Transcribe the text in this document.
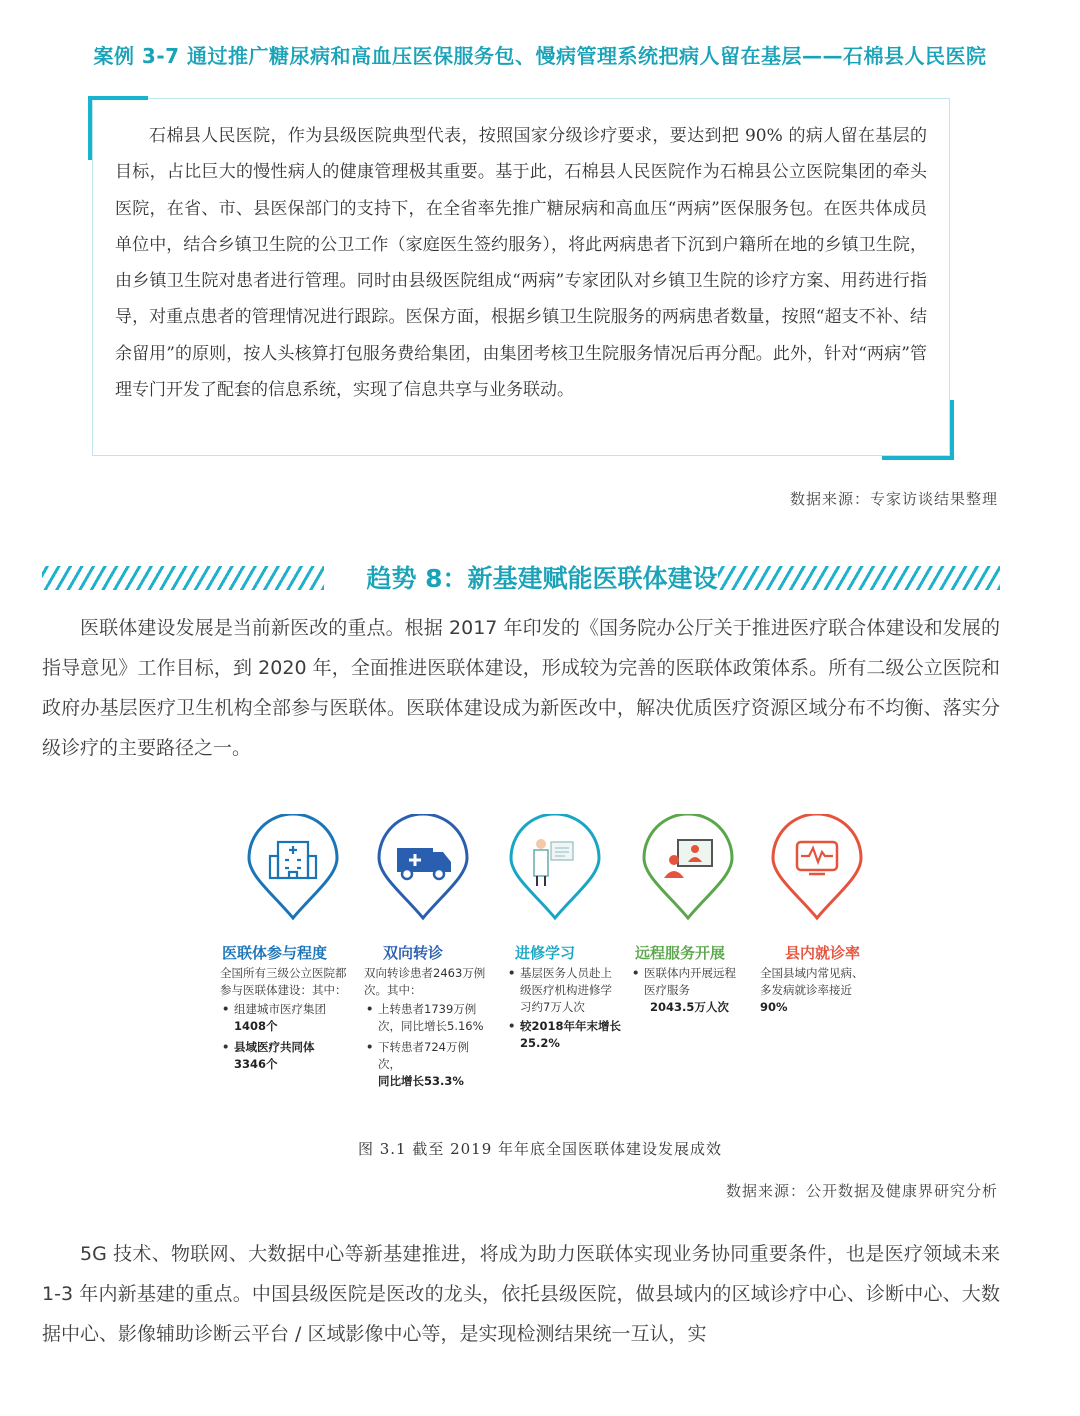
案例 3-7 通过推广糖尿病和高血压医保服务包、慢病管理系统把病人留在基层——石棉县人民医院

石棉县人民医院，作为县级医院典型代表，按照国家分级诊疗要求，要达到把 90% 的病人留在基层的目标，占比巨大的慢性病人的健康管理极其重要。基于此，石棉县人民医院作为石棉县公立医院集团的牵头医院，在省、市、县医保部门的支持下，在全省率先推广糖尿病和高血压“两病”医保服务包。在医共体成员单位中，结合乡镇卫生院的公卫工作（家庭医生签约服务），将此两病患者下沉到户籍所在地的乡镇卫生院，由乡镇卫生院对患者进行管理。同时由县级医院组成“两病”专家团队对乡镇卫生院的诊疗方案、用药进行指导，对重点患者的管理情况进行跟踪。医保方面，根据乡镇卫生院服务的两病患者数量，按照“超支不补、结余留用”的原则，按人头核算打包服务费给集团，由集团考核卫生院服务情况后再分配。此外，针对“两病”管理专门开发了配套的信息系统，实现了信息共享与业务联动。

数据来源：专家访谈结果整理
趋势 8：新基建赋能医联体建设

医联体建设发展是当前新医改的重点。根据 2017 年印发的《国务院办公厅关于推进医疗联合体建设和发展的指导意见》工作目标，到 2020 年，全面推进医联体建设，形成较为完善的医联体政策体系。所有二级公立医院和政府办基层医疗卫生机构全部参与医联体。医联体建设成为新医改中，解决优质医疗资源区域分布不均衡、落实分级诊疗的主要路径之一。

医联体参与程度
全国所有三级公立医院都参与医联体建设：其中：
• 组建城市医疗集团
1408个
• 县域医疗共同体
3346个
双向转诊
双向转诊患者2463万例次。其中：
• 上转患者1739万例次，同比增长5.16%
• 下转患者724万例次，
同比增长53.3%
进修学习
• 基层医务人员赴上级医疗机构进修学习约7万人次
• 较2018年年末增长
25.2%
远程服务开展
• 医联体内开展远程医疗服务
2043.5万人次
县内就诊率
全国县域内常见病、多发病就诊率接近
90%
图 3.1 截至 2019 年年底全国医联体建设发展成效
数据来源：公开数据及健康界研究分析

5G 技术、物联网、大数据中心等新基建推进，将成为助力医联体实现业务协同重要条件，也是医疗领域未来 1-3 年内新基建的重点。中国县级医院是医改的龙头，依托县级医院，做县域内的区域诊疗中心、诊断中心、大数据中心、影像辅助诊断云平台 / 区域影像中心等，是实现检测结果统一互认，实
